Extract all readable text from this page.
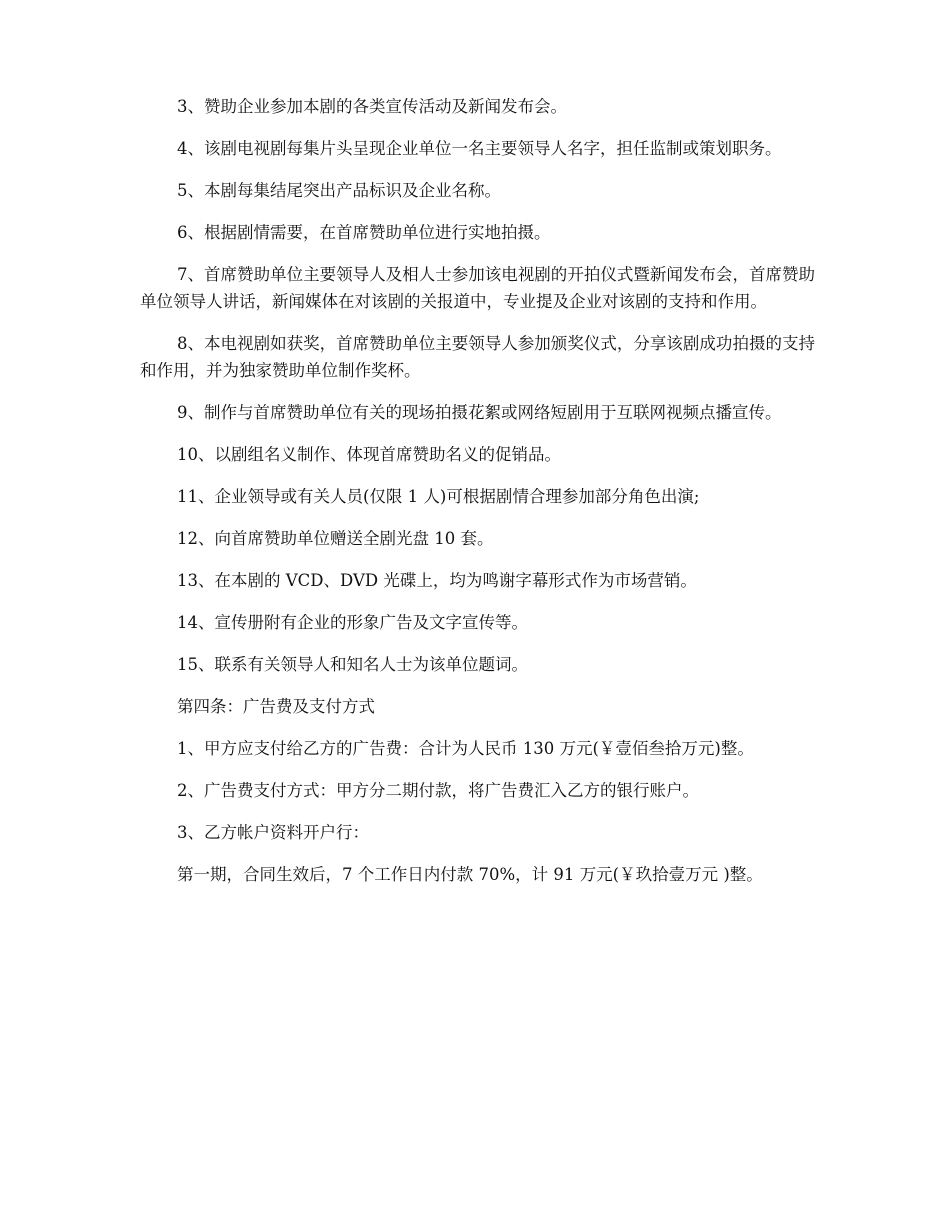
3、赞助企业参加本剧的各类宣传活动及新闻发布会。

4、该剧电视剧每集片头呈现企业单位一名主要领导人名字，担任监制或策划职务。

5、本剧每集结尾突出产品标识及企业名称。

6、根据剧情需要，在首席赞助单位进行实地拍摄。

7、首席赞助单位主要领导人及相人士参加该电视剧的开拍仪式暨新闻发布会，首席赞助单位领导人讲话，新闻媒体在对该剧的关报道中，专业提及企业对该剧的支持和作用。

8、本电视剧如获奖，首席赞助单位主要领导人参加颁奖仪式，分享该剧成功拍摄的支持和作用，并为独家赞助单位制作奖杯。

9、制作与首席赞助单位有关的现场拍摄花絮或网络短剧用于互联网视频点播宣传。

10、以剧组名义制作、体现首席赞助名义的促销品。

11、企业领导或有关人员(仅限 1 人)可根据剧情合理参加部分角色出演;

12、向首席赞助单位赠送全剧光盘 10 套。

13、在本剧的 VCD、DVD 光碟上，均为鸣谢字幕形式作为市场营销。

14、宣传册附有企业的形象广告及文字宣传等。

15、联系有关领导人和知名人士为该单位题词。

第四条：广告费及支付方式

1、甲方应支付给乙方的广告费：合计为人民币 130 万元(￥壹佰叁拾万元)整。

2、广告费支付方式：甲方分二期付款，将广告费汇入乙方的银行账户。

3、乙方帐户资料开户行：

第一期，合同生效后，7 个工作日内付款 70%，计 91 万元(￥玖拾壹万元 )整。
